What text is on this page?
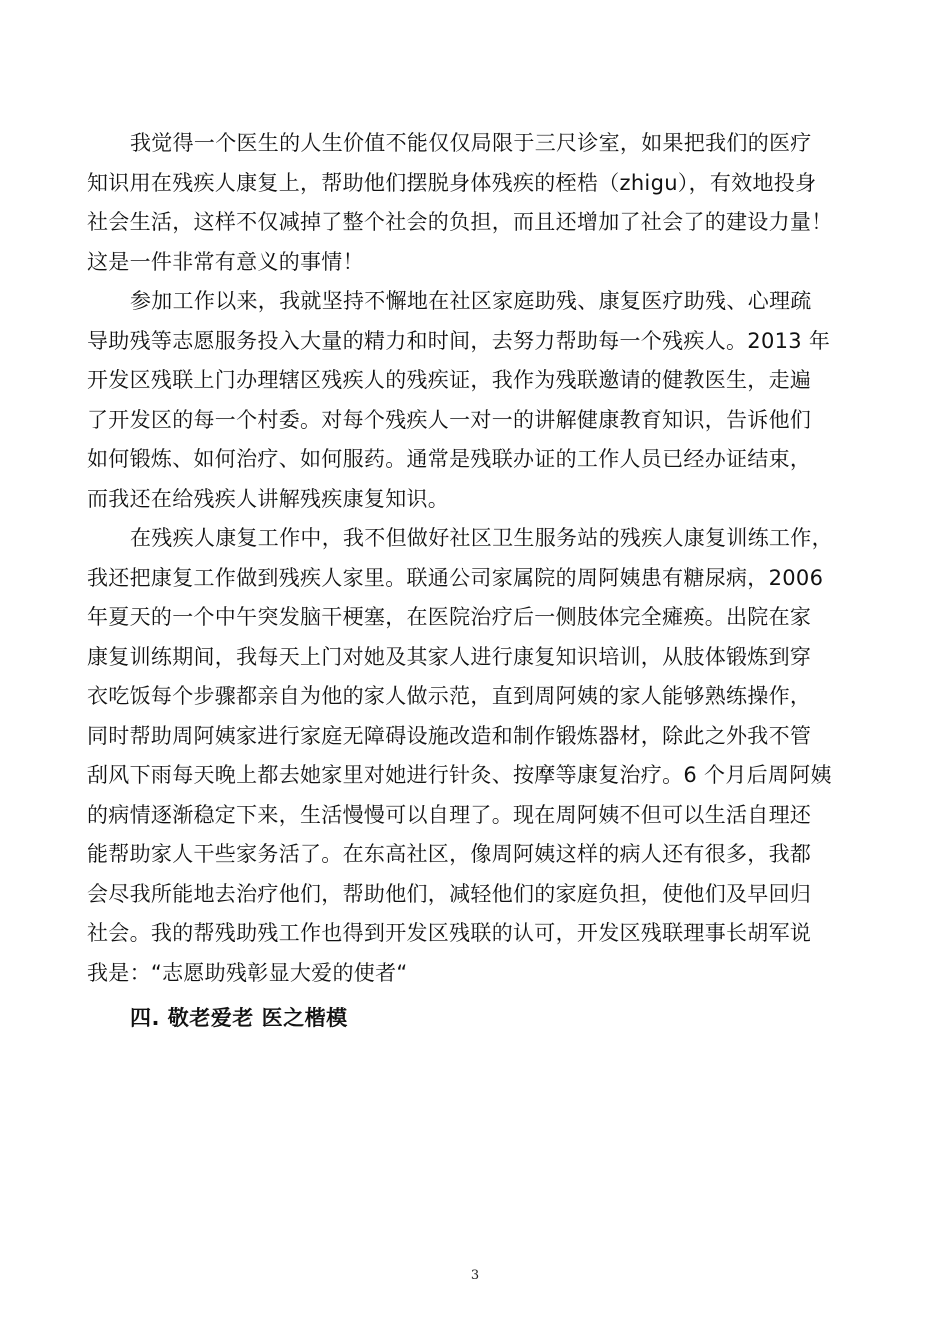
我觉得一个医生的人生价值不能仅仅局限于三尺诊室，如果把我们的医疗
知识用在残疾人康复上，帮助他们摆脱身体残疾的桎梏（zhigu），有效地投身
社会生活，这样不仅减掉了整个社会的负担，而且还增加了社会了的建设力量！
这是一件非常有意义的事情！

参加工作以来，我就坚持不懈地在社区家庭助残、康复医疗助残、心理疏
导助残等志愿服务投入大量的精力和时间，去努力帮助每一个残疾人。2013 年
开发区残联上门办理辖区残疾人的残疾证，我作为残联邀请的健教医生，走遍
了开发区的每一个村委。对每个残疾人一对一的讲解健康教育知识，告诉他们
如何锻炼、如何治疗、如何服药。通常是残联办证的工作人员已经办证结束，
而我还在给残疾人讲解残疾康复知识。

在残疾人康复工作中，我不但做好社区卫生服务站的残疾人康复训练工作，
我还把康复工作做到残疾人家里。联通公司家属院的周阿姨患有糖尿病，2006
年夏天的一个中午突发脑干梗塞，在医院治疗后一侧肢体完全瘫痪。出院在家
康复训练期间，我每天上门对她及其家人进行康复知识培训，从肢体锻炼到穿
衣吃饭每个步骤都亲自为他的家人做示范，直到周阿姨的家人能够熟练操作，
同时帮助周阿姨家进行家庭无障碍设施改造和制作锻炼器材，除此之外我不管
刮风下雨每天晚上都去她家里对她进行针灸、按摩等康复治疗。6 个月后周阿姨
的病情逐渐稳定下来，生活慢慢可以自理了。现在周阿姨不但可以生活自理还
能帮助家人干些家务活了。在东高社区，像周阿姨这样的病人还有很多，我都
会尽我所能地去治疗他们，帮助他们，减轻他们的家庭负担，使他们及早回归
社会。我的帮残助残工作也得到开发区残联的认可，开发区残联理事长胡军说
我是：“志愿助残彰显大爱的使者“

四. 敬老爱老 医之楷模
3
